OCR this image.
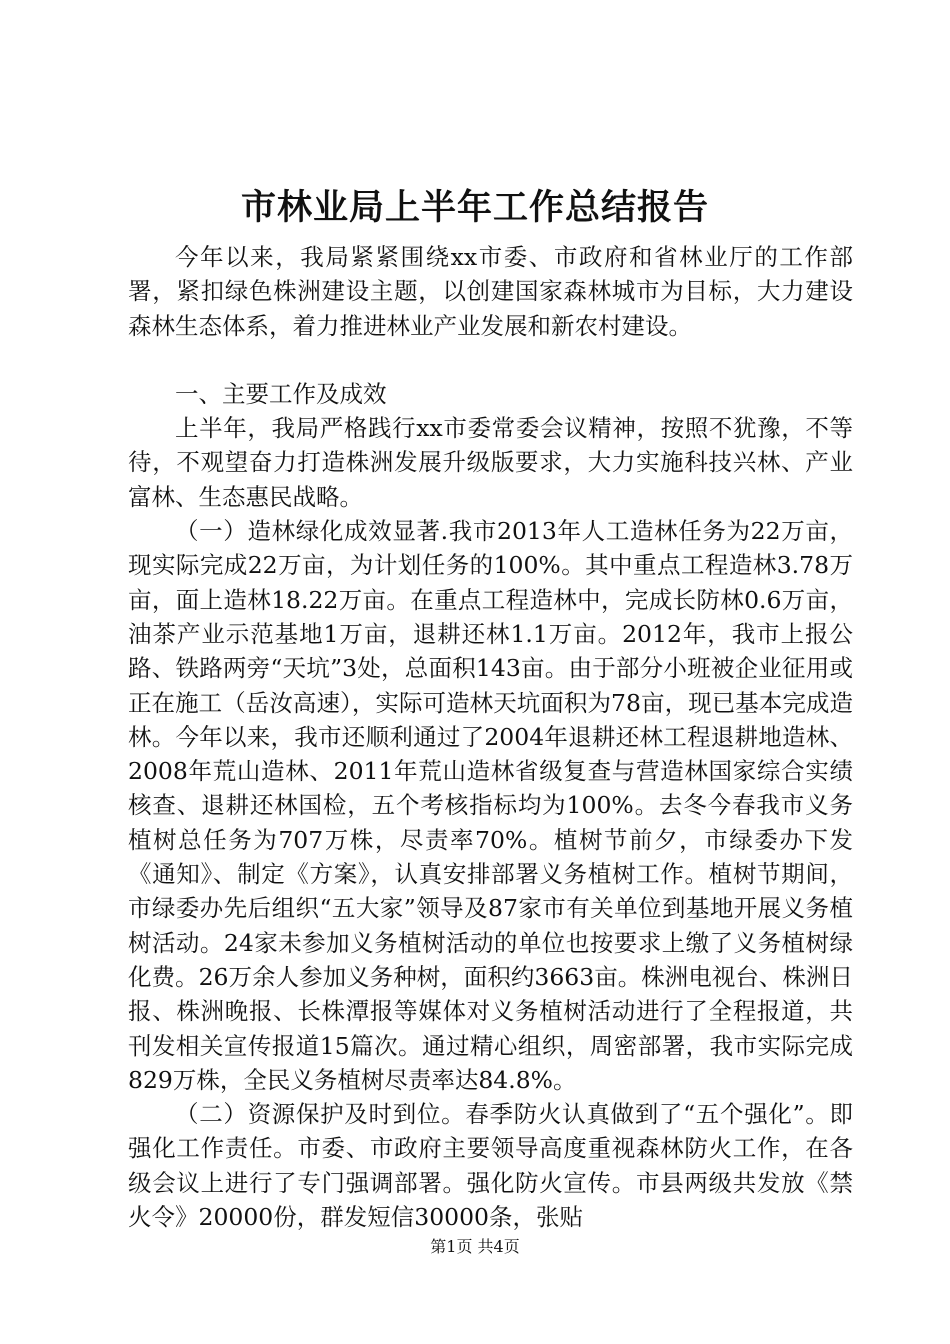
市林业局上半年工作总结报告

今年以来，我局紧紧围绕xx市委、市政府和省林业厅的工作部署，紧扣绿色株洲建设主题，以创建国家森林城市为目标，大力建设森林生态体系，着力推进林业产业发展和新农村建设。

一、主要工作及成效

上半年，我局严格践行xx市委常委会议精神，按照不犹豫，不等待，不观望奋力打造株洲发展升级版要求，大力实施科技兴林、产业富林、生态惠民战略。

（一）造林绿化成效显著.我市2013年人工造林任务为22万亩，现实际完成22万亩，为计划任务的100%。其中重点工程造林3.78万亩，面上造林18.22万亩。在重点工程造林中，完成长防林0.6万亩，油茶产业示范基地1万亩，退耕还林1.1万亩。2012年，我市上报公路、铁路两旁“天坑”3处，总面积143亩。由于部分小班被企业征用或正在施工（岳汝高速），实际可造林天坑面积为78亩，现已基本完成造林。今年以来，我市还顺利通过了2004年退耕还林工程退耕地造林、2008年荒山造林、2011年荒山造林省级复查与营造林国家综合实绩核查、退耕还林国检，五个考核指标均为100%。去冬今春我市义务植树总任务为707万株，尽责率70%。植树节前夕，市绿委办下发《通知》、制定《方案》，认真安排部署义务植树工作。植树节期间，市绿委办先后组织“五大家”领导及87家市有关单位到基地开展义务植树活动。24家未参加义务植树活动的单位也按要求上缴了义务植树绿化费。26万余人参加义务种树，面积约3663亩。株洲电视台、株洲日报、株洲晚报、长株潭报等媒体对义务植树活动进行了全程报道，共刊发相关宣传报道15篇次。通过精心组织，周密部署，我市实际完成829万株，全民义务植树尽责率达84.8%。

（二）资源保护及时到位。春季防火认真做到了“五个强化”。即强化工作责任。市委、市政府主要领导高度重视森林防火工作，在各级会议上进行了专门强调部署。强化防火宣传。市县两级共发放《禁火令》20000份，群发短信30000条，张贴

第1页 共4页
